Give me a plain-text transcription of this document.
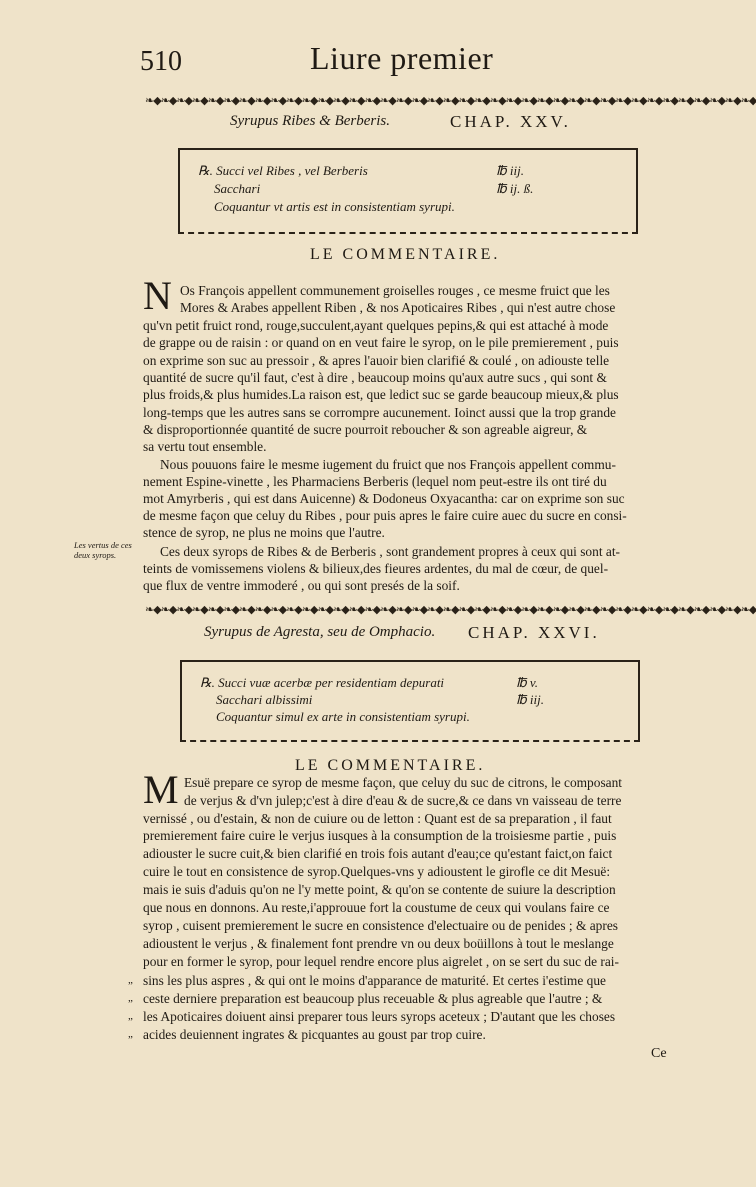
510	Liure premier
❧◆❧◆❧◆❧◆❧◆❧◆❧◆❧◆❧◆❧◆❧◆❧◆❧◆❧◆❧◆❧◆❧◆❧◆❧◆❧◆❧◆❧◆❧◆❧◆❧◆❧◆❧◆❧◆❧◆❧◆❧◆❧◆❧◆❧◆❧◆❧◆❧◆❧◆❧◆
Syrupus Ribes & Berberis.	CHAP. XXV.
℞. Succi vel Ribes , vel Berberis	℔ iij.
Sacchari	℔ ij. ß.
Coquantur vt artis est in consistentiam syrupi.
LE COMMENTAIRE.
N Os François appellent communement groiselles rouges , ce mesme fruict que les
Mores & Arabes appellent Riben , & nos Apoticaires Ribes , qui n'est autre chose
qu'vn petit fruict rond, rouge,succulent,ayant quelques pepins,& qui est attaché à mode
de grappe ou de raisin : or quand on en veut faire le syrop, on le pile premierement , puis
on exprime son suc au pressoir , & apres l'auoir bien clarifié & coulé , on adiouste telle
quantité de sucre qu'il faut, c'est à dire , beaucoup moins qu'aux autre sucs , qui sont &
plus froids,& plus humides.La raison est, que ledict suc se garde beaucoup mieux,& plus
long-temps que les autres sans se corrompre aucunement. Ioinct aussi que la trop grande
& disproportionnée quantité de sucre pourroit reboucher & son agreable aigreur, &
sa vertu tout ensemble.
Nous pouuons faire le mesme iugement du fruict que nos François appellent commu-
nement Espine-vinette , les Pharmaciens Berberis (lequel nom peut-estre ils ont tiré du
mot Amyrberis , qui est dans Auicenne) & Dodoneus Oxyacantha: car on exprime son suc
de mesme façon que celuy du Ribes , pour puis apres le faire cuire auec du sucre en consi-
stence de syrop, ne plus ne moins que l'autre.
Ces deux syrops de Ribes & de Berberis , sont grandement propres à ceux qui sont at-
teints de vomissemens violens & bilieux,des fieures ardentes, du mal de cœur, de quel-
que flux de ventre immoderé , ou qui sont presés de la soif.
Les vertus de ces deux syrops.
❧◆❧◆❧◆❧◆❧◆❧◆❧◆❧◆❧◆❧◆❧◆❧◆❧◆❧◆❧◆❧◆❧◆❧◆❧◆❧◆❧◆❧◆❧◆❧◆❧◆❧◆❧◆❧◆❧◆❧◆❧◆❧◆❧◆❧◆❧◆❧◆❧◆❧◆❧◆
Syrupus de Agresta, seu de Omphacio. CHAP. XXVI.
℞. Succi vuæ acerbæ per residentiam depurati	℔ v.
Sacchari albissimi	℔ iij.
Coquantur simul ex arte in consistentiam syrupi.
LE COMMENTAIRE.
M Esuë prepare ce syrop de mesme façon, que celuy du suc de citrons, le composant
de verjus & d'vn julep;c'est à dire d'eau & de sucre,& ce dans vn vaisseau de terre
vernissé , ou d'estain, & non de cuiure ou de letton : Quant est de sa preparation , il faut
premierement faire cuire le verjus iusques à la consumption de la troisiesme partie , puis
adiouster le sucre cuit,& bien clarifié en trois fois autant d'eau;ce qu'estant faict,on faict
cuire le tout en consistence de syrop.Quelques-vns y adioustent le girofle ce dit Mesuë:
mais ie suis d'aduis qu'on ne l'y mette point, & qu'on se contente de suiure la description
que nous en donnons. Au reste,i'approuue fort la coustume de ceux qui voulans faire ce
syrop , cuisent premierement le sucre en consistence d'electuaire ou de penides ; & apres
adioustent le verjus , & finalement font prendre vn ou deux boüillons à tout le meslange
pour en former le syrop, pour lequel rendre encore plus aigrelet , on se sert du suc de rai-
sins les plus aspres , & qui ont le moins d'apparance de maturité. Et certes i'estime que
ceste derniere preparation est beaucoup plus receuable & plus agreable que l'autre ; &
les Apoticaires doiuent ainsi preparer tous leurs syrops aceteux ; D'autant que les choses
acides deuiennent ingrates & picquantes au goust par trop cuire.
„
„
„
„
Ce
